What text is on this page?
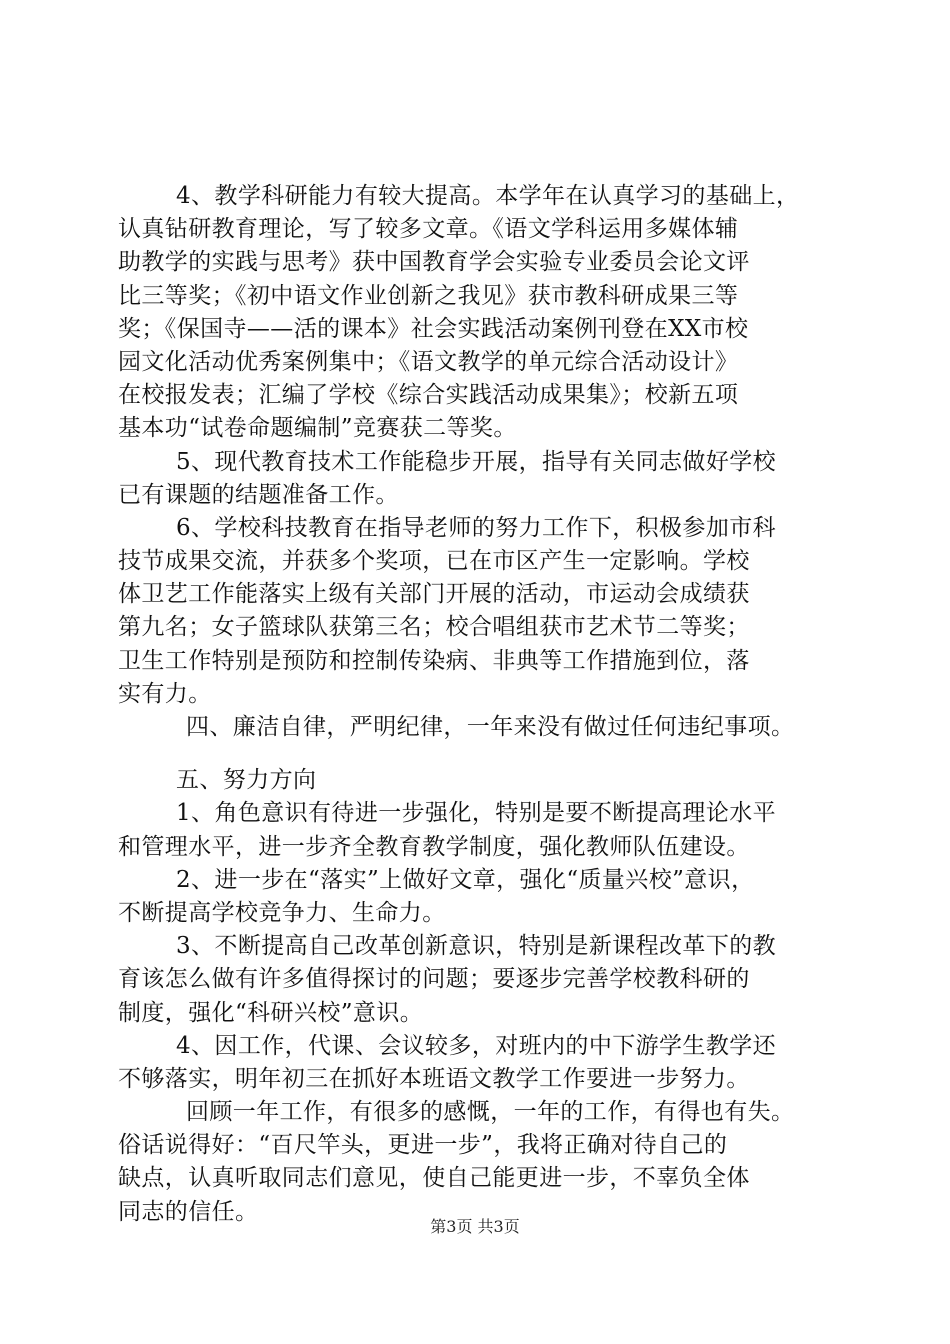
4、教学科研能力有较大提高。本学年在认真学习的基础上，
认真钻研教育理论，写了较多文章。《语文学科运用多媒体辅
助教学的实践与思考》获中国教育学会实验专业委员会论文评
比三等奖；《初中语文作业创新之我见》获市教科研成果三等
奖；《保国寺——活的课本》社会实践活动案例刊登在XX市校
园文化活动优秀案例集中；《语文教学的单元综合活动设计》
在校报发表；汇编了学校《综合实践活动成果集》；校新五项
基本功“试卷命题编制”竞赛获二等奖。
5、现代教育技术工作能稳步开展，指导有关同志做好学校
已有课题的结题准备工作。
6、学校科技教育在指导老师的努力工作下，积极参加市科
技节成果交流，并获多个奖项，已在市区产生一定影响。学校
体卫艺工作能落实上级有关部门开展的活动，市运动会成绩获
第九名；女子篮球队获第三名；校合唱组获市艺术节二等奖；
卫生工作特别是预防和控制传染病、非典等工作措施到位，落
实有力。
四、廉洁自律，严明纪律，一年来没有做过任何违纪事项。
五、努力方向
1、角色意识有待进一步强化，特别是要不断提高理论水平
和管理水平，进一步齐全教育教学制度，强化教师队伍建设。
2、进一步在“落实”上做好文章，强化“质量兴校”意识，
不断提高学校竞争力、生命力。
3、不断提高自己改革创新意识，特别是新课程改革下的教
育该怎么做有许多值得探讨的问题；要逐步完善学校教科研的
制度，强化“科研兴校”意识。
4、因工作，代课、会议较多，对班内的中下游学生教学还
不够落实，明年初三在抓好本班语文教学工作要进一步努力。
回顾一年工作，有很多的感慨，一年的工作，有得也有失。
俗话说得好：“百尺竿头，更进一步”，我将正确对待自己的
缺点，认真听取同志们意见，使自己能更进一步，不辜负全体
同志的信任。
第3页 共3页
